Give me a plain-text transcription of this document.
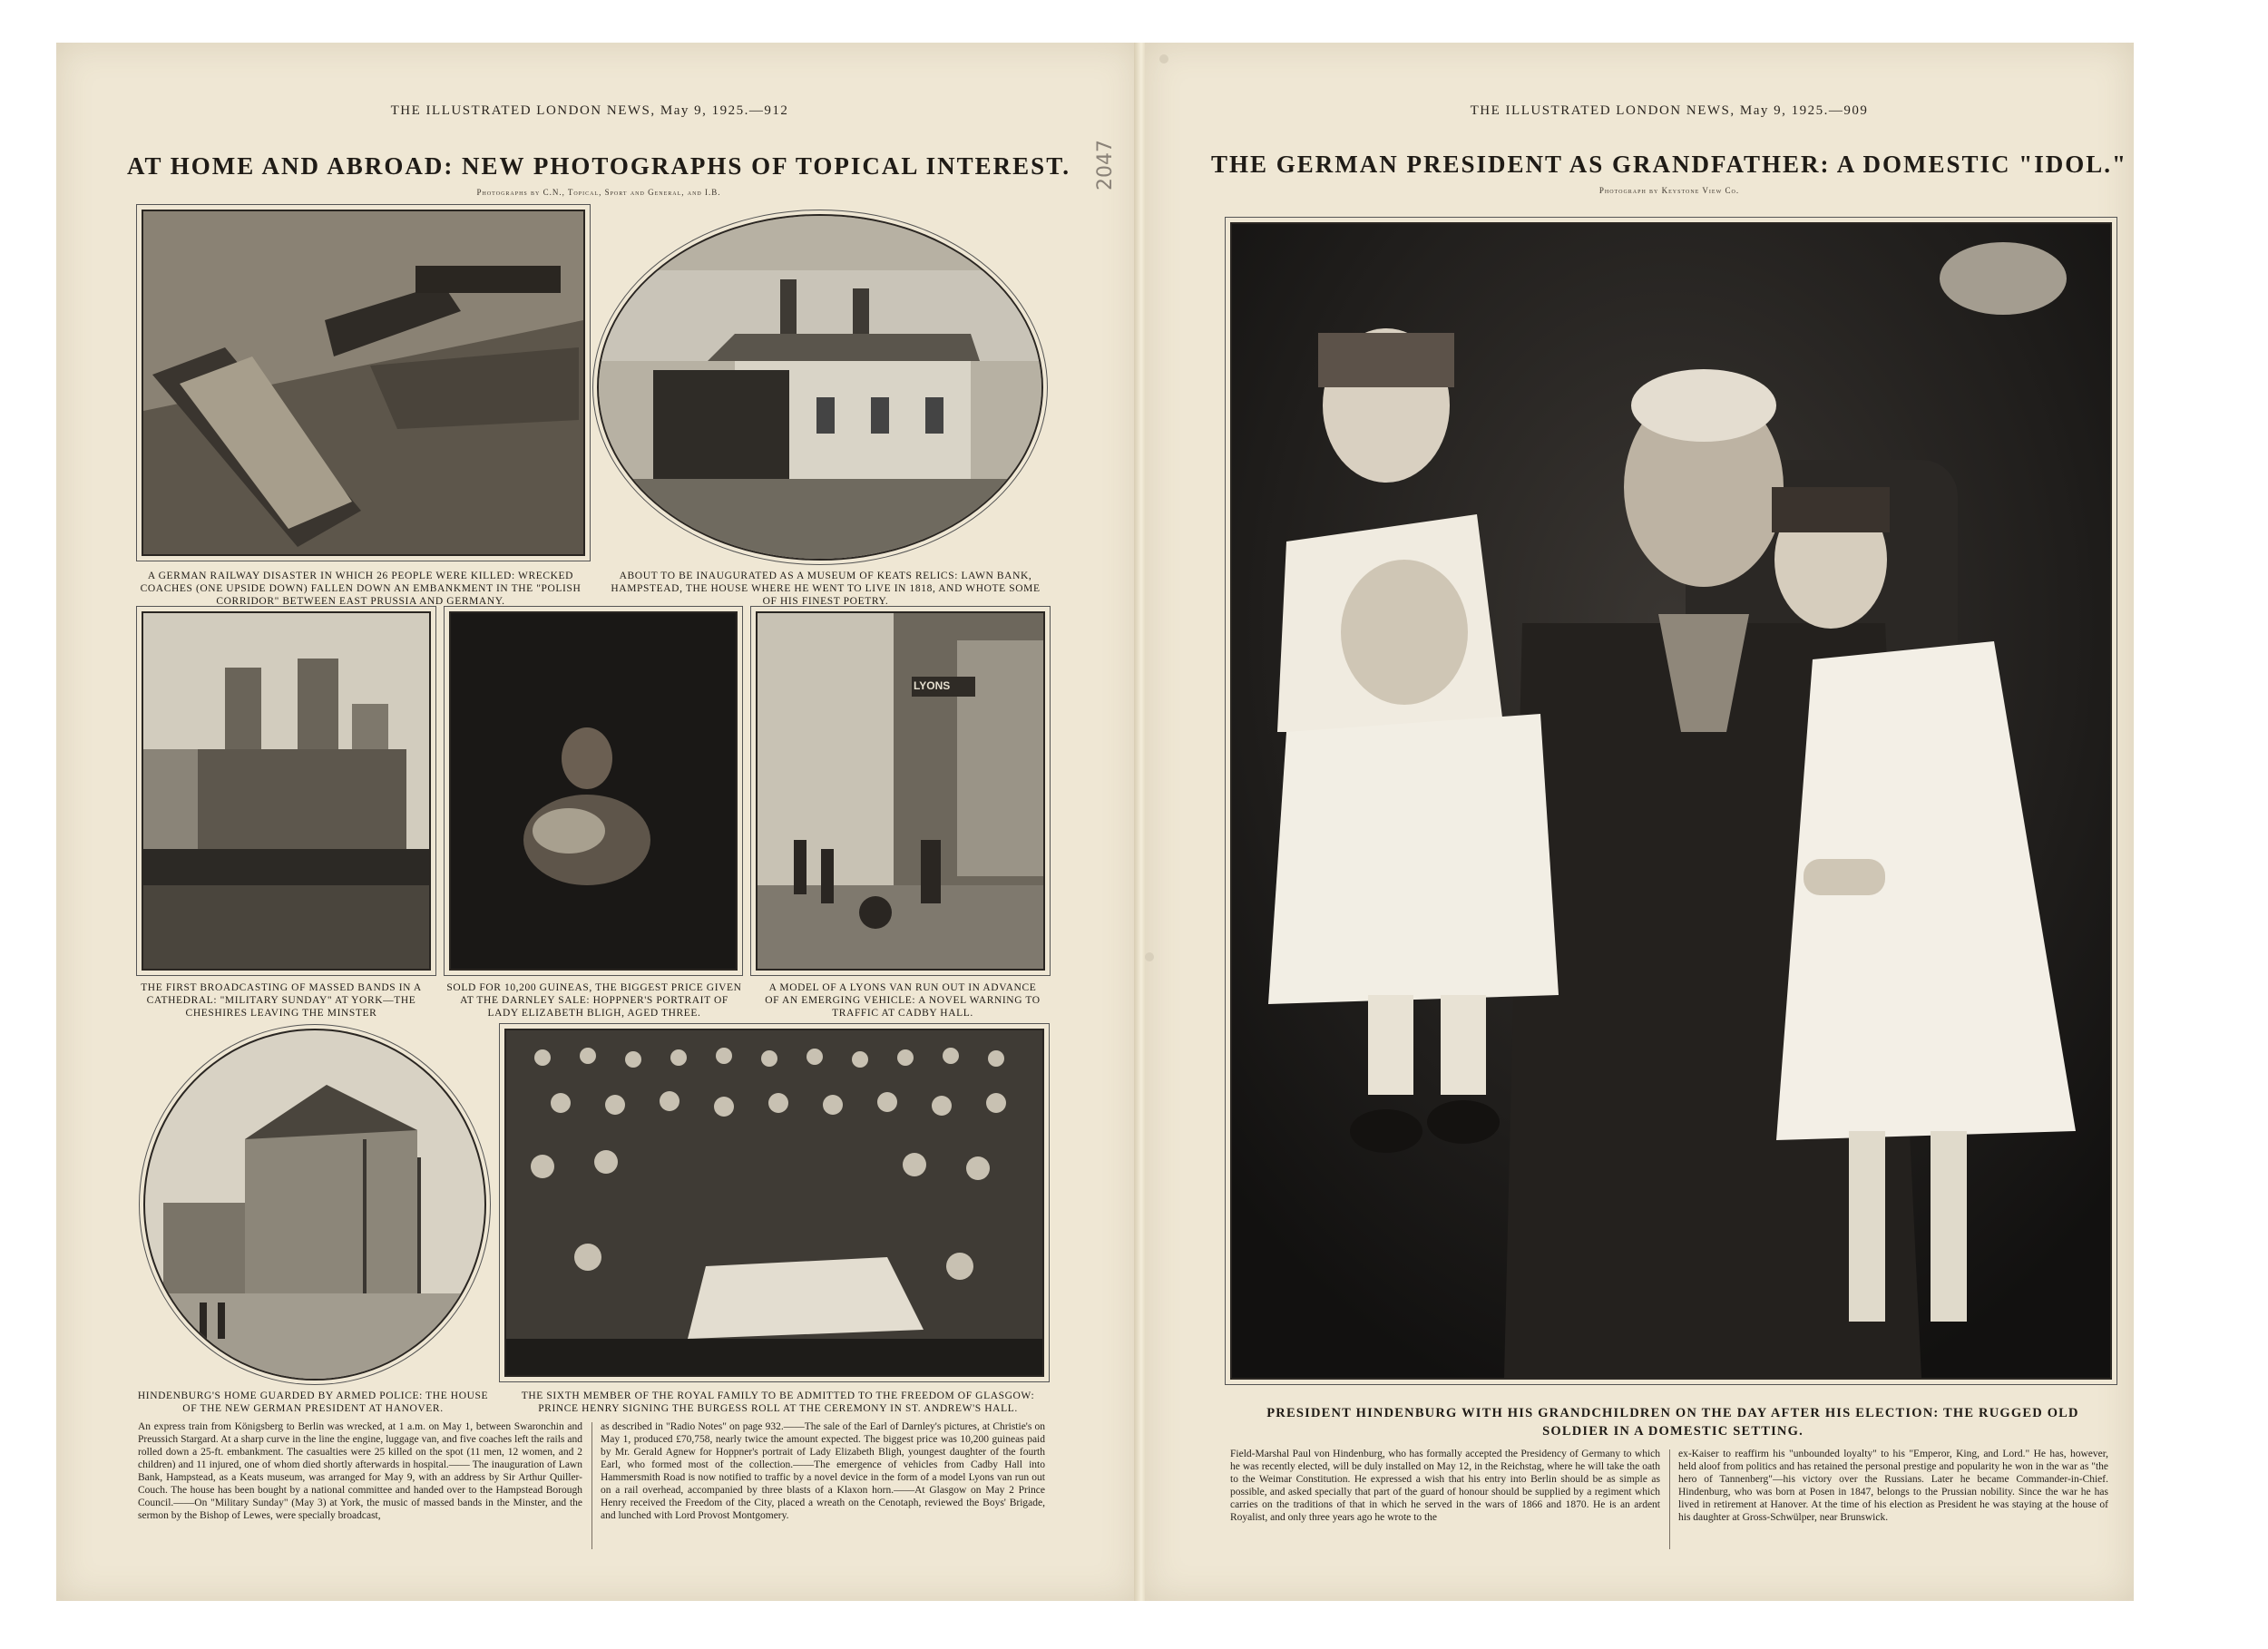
THE ILLUSTRATED LONDON NEWS, May 9, 1925.—912
AT HOME AND ABROAD: NEW PHOTOGRAPHS OF TOPICAL INTEREST.
Photographs by C.N., Topical, Sport and General, and I.B.
A GERMAN RAILWAY DISASTER IN WHICH 26 PEOPLE WERE KILLED: WRECKED COACHES (ONE UPSIDE DOWN) FALLEN DOWN AN EMBANKMENT IN THE "POLISH CORRIDOR" BETWEEN EAST PRUSSIA AND GERMANY.
ABOUT TO BE INAUGURATED AS A MUSEUM OF KEATS RELICS: LAWN BANK, HAMPSTEAD, THE HOUSE WHERE HE WENT TO LIVE IN 1818, AND WHOTE SOME OF HIS FINEST POETRY.
LYONS
THE FIRST BROADCASTING OF MASSED BANDS IN A CATHEDRAL: "MILITARY SUNDAY" AT YORK—THE CHESHIRES LEAVING THE MINSTER
SOLD FOR 10,200 GUINEAS, THE BIGGEST PRICE GIVEN AT THE DARNLEY SALE: HOPPNER'S PORTRAIT OF LADY ELIZABETH BLIGH, AGED THREE.
A MODEL OF A LYONS VAN RUN OUT IN ADVANCE OF AN EMERGING VEHICLE: A NOVEL WARNING TO TRAFFIC AT CADBY HALL.
HINDENBURG'S HOME GUARDED BY ARMED POLICE: THE HOUSE OF THE NEW GERMAN PRESIDENT AT HANOVER.
THE SIXTH MEMBER OF THE ROYAL FAMILY TO BE ADMITTED TO THE FREEDOM OF GLASGOW: PRINCE HENRY SIGNING THE BURGESS ROLL AT THE CEREMONY IN ST. ANDREW'S HALL.
An express train from Königsberg to Berlin was wrecked, at 1 a.m. on May 1, between Swaronchin and Preussich Stargard. At a sharp curve in the line the engine, luggage van, and five coaches left the rails and rolled down a 25-ft. embankment. The casualties were 25 killed on the spot (11 men, 12 women, and 2 children) and 11 injured, one of whom died shortly afterwards in hospital.—— The inauguration of Lawn Bank, Hampstead, as a Keats museum, was arranged for May 9, with an address by Sir Arthur Quiller-Couch. The house has been bought by a national committee and handed over to the Hampstead Borough Council.——On "Military Sunday" (May 3) at York, the music of massed bands in the Minster, and the sermon by the Bishop of Lewes, were specially broadcast,
as described in "Radio Notes" on page 932.——The sale of the Earl of Darnley's pictures, at Christie's on May 1, produced £70,758, nearly twice the amount expected. The biggest price was 10,200 guineas paid by Mr. Gerald Agnew for Hoppner's portrait of Lady Elizabeth Bligh, youngest daughter of the fourth Earl, who formed most of the collection.——The emergence of vehicles from Cadby Hall into Hammersmith Road is now notified to traffic by a novel device in the form of a model Lyons van run out on a rail overhead, accompanied by three blasts of a Klaxon horn.——At Glasgow on May 2 Prince Henry received the Freedom of the City, placed a wreath on the Cenotaph, reviewed the Boys' Brigade, and lunched with Lord Provost Montgomery.
2047
THE ILLUSTRATED LONDON NEWS, May 9, 1925.—909
THE GERMAN PRESIDENT AS GRANDFATHER: A DOMESTIC "IDOL."
Photograph by Keystone View Co.
PRESIDENT HINDENBURG WITH HIS GRANDCHILDREN ON THE DAY AFTER HIS ELECTION: THE RUGGED OLD SOLDIER IN A DOMESTIC SETTING.
Field-Marshal Paul von Hindenburg, who has formally accepted the Presidency of Germany to which he was recently elected, will be duly installed on May 12, in the Reichstag, where he will take the oath to the Weimar Constitution. He expressed a wish that his entry into Berlin should be as simple as possible, and asked specially that part of the guard of honour should be supplied by a regiment which carries on the traditions of that in which he served in the wars of 1866 and 1870. He is an ardent Royalist, and only three years ago he wrote to the
ex-Kaiser to reaffirm his "unbounded loyalty" to his "Emperor, King, and Lord." He has, however, held aloof from politics and has retained the personal prestige and popularity he won in the war as "the hero of Tannenberg"—his victory over the Russians. Later he became Commander-in-Chief. Hindenburg, who was born at Posen in 1847, belongs to the Prussian nobility. Since the war he has lived in retirement at Hanover. At the time of his election as President he was staying at the house of his daughter at Gross-Schwülper, near Brunswick.
